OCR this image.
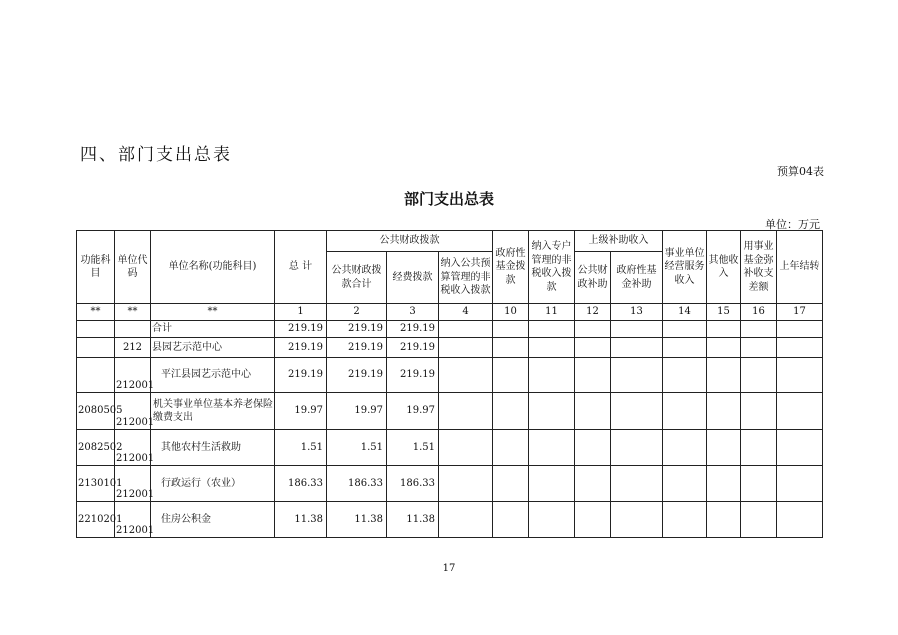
四、部门支出总表
预算04表
部门支出总表
单位：万元
功能科目	单位代码	单位名称(功能科目)	总 计	公共财政拨款			政府性基金拨款	纳入专户管理的非税收入拨款	上级补助收入		事业单位经营服务收入	其他收入	用事业基金弥补收支差额	上年结转
				公共财政拨款合计	经费拨款	纳入公共预算管理的非税收入拨款			公共财政补助	政府性基金补助				
**	**	**	1	2	3	4	10	11	12	13	14	15	16	17
		合计	219.19	219.19	219.19									
	212	县园艺示范中心	219.19	219.19	219.19									
	212001	平江县园艺示范中心	219.19	219.19	219.19									
2080505	212001	机关事业单位基本养老保险缴费支出	19.97	19.97	19.97									
2082502	212001	其他农村生活救助	1.51	1.51	1.51									
2130101	212001	行政运行（农业）	186.33	186.33	186.33									
2210201	212001	住房公积金	11.38	11.38	11.38									
17
